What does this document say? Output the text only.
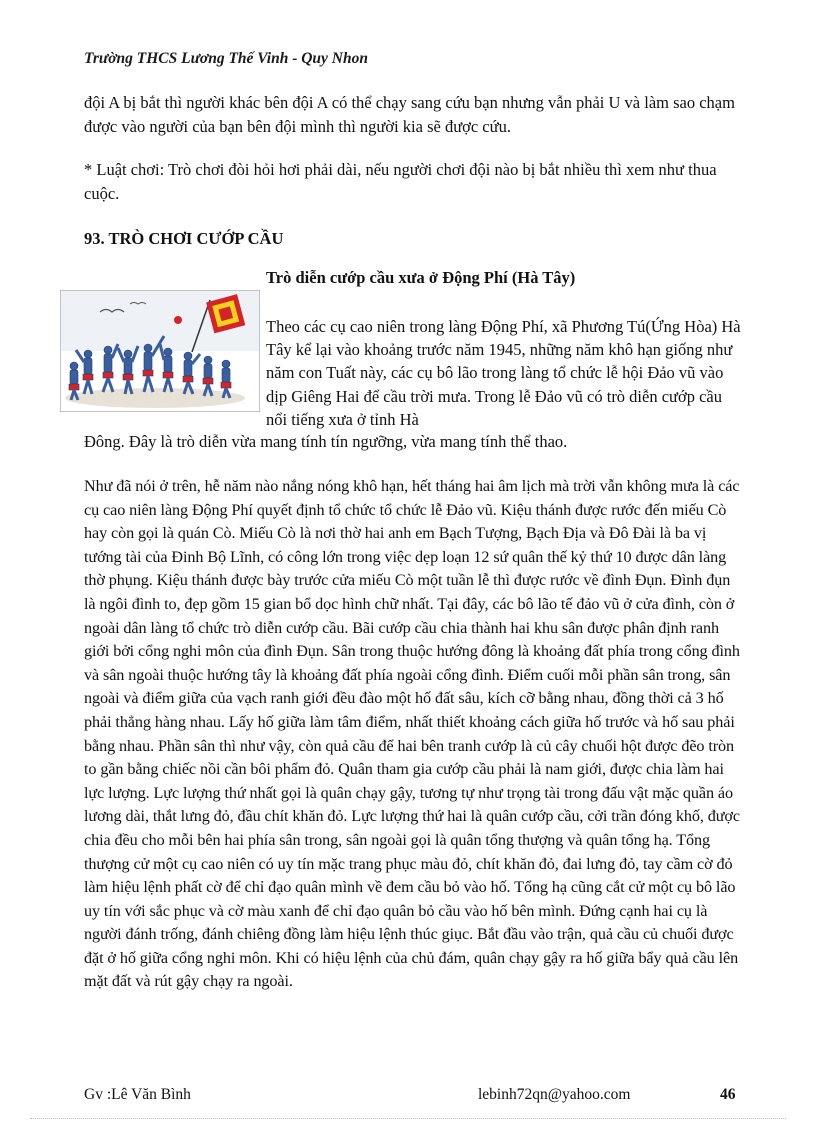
Trường THCS Lương Thế Vinh - Quy Nhon
đội A bị bắt thì người khác bên đội A có thể chạy sang cứu bạn nhưng vẫn phải U và làm sao chạm được vào người của bạn bên đội mình thì người kia sẽ được cứu.
* Luật chơi: Trò chơi đòi hỏi hơi phải dài, nếu người chơi đội nào bị bắt nhiều thì xem như thua cuộc.
93. TRÒ CHƠI CƯỚP CẦU
Trò diễn cướp cầu xưa ở Động Phí (Hà Tây)
Theo các cụ cao niên trong làng Động Phí, xã Phương Tú(Ứng Hòa) Hà Tây kể lại vào khoảng trước năm 1945, những năm khô hạn giống như năm con Tuất này, các cụ bô lão trong làng tổ chức lễ hội Đảo vũ vào dịp Giêng Hai để cầu trời mưa. Trong lễ Đảo vũ có trò diễn cướp cầu nổi tiếng xưa ở tỉnh Hà
Đông. Đây là trò diễn vừa mang tính tín ngưỡng, vừa mang tính thể thao.
Như đã nói ở trên, hễ năm nào nắng nóng khô hạn, hết tháng hai âm lịch mà trời vẫn không mưa là các cụ cao niên làng Động Phí quyết định tổ chức tổ chức lễ Đảo vũ. Kiệu thánh được rước đến miếu Cò hay còn gọi là quán Cò. Miếu Cò là nơi thờ hai anh em Bạch Tượng, Bạch Địa và Đô Đài là ba vị tướng tài của Đinh Bộ Lĩnh, có công lớn trong việc dẹp loạn 12 sứ quân thế kỷ thứ 10 được dân làng thờ phụng. Kiệu thánh được bày trước cửa miếu Cò một tuần lễ thì được rước về đình Đụn. Đình đụn là ngôi đình to, đẹp gồm 15 gian bổ dọc hình chữ nhất. Tại đây, các bô lão tế đảo vũ ở cửa đình, còn ở ngoài dân làng tổ chức trò diễn cướp cầu. Bãi cướp cầu chia thành hai khu sân được phân định ranh giới bởi cổng nghi môn của đình Đụn. Sân trong thuộc hướng đông là khoảng đất phía trong cổng đình và sân ngoài thuộc hướng tây là khoảng đất phía ngoài cổng đình. Điểm cuối mỗi phần sân trong, sân ngoài và điểm giữa của vạch ranh giới đều đào một hố đất sâu, kích cỡ bằng nhau, đồng thời cả 3 hố phải thẳng hàng nhau. Lấy hố giữa làm tâm điểm, nhất thiết khoảng cách giữa hố trước và hố sau phải bằng nhau. Phần sân thì như vậy, còn quả cầu để hai bên tranh cướp là củ cây chuối hột được đẽo tròn to gần bằng chiếc nồi cần bôi phẩm đỏ. Quân tham gia cướp cầu phải là nam giới, được chia làm hai lực lượng. Lực lượng thứ nhất gọi là quân chạy gậy, tương tự như trọng tài trong đấu vật mặc quần áo lương dài, thắt lưng đỏ, đầu chít khăn đỏ. Lực lượng thứ hai là quân cướp cầu, cởi trần đóng khố, được chia đều cho mỗi bên hai phía sân trong, sân ngoài gọi là quân tổng thượng và quân tổng hạ. Tổng thượng cử một cụ cao niên có uy tín mặc trang phục màu đỏ, chít khăn đỏ, đai lưng đỏ, tay cầm cờ đỏ làm hiệu lệnh phất cờ để chỉ đạo quân mình về đem cầu bỏ vào hố. Tổng hạ cũng cắt cử một cụ bô lão uy tín với sắc phục và cờ màu xanh để chỉ đạo quân bỏ cầu vào hố bên mình. Đứng cạnh hai cụ là người đánh trống, đánh chiêng đồng làm hiệu lệnh thúc giục. Bắt đầu vào trận, quả cầu củ chuối được đặt ở hố giữa cổng nghi môn. Khi có hiệu lệnh của chủ đám, quân chạy gậy ra hố giữa bẩy quả cầu lên mặt đất và rút gậy chạy ra ngoài.
Gv :Lê Văn Bình	lebinh72qn@yahoo.com	46
